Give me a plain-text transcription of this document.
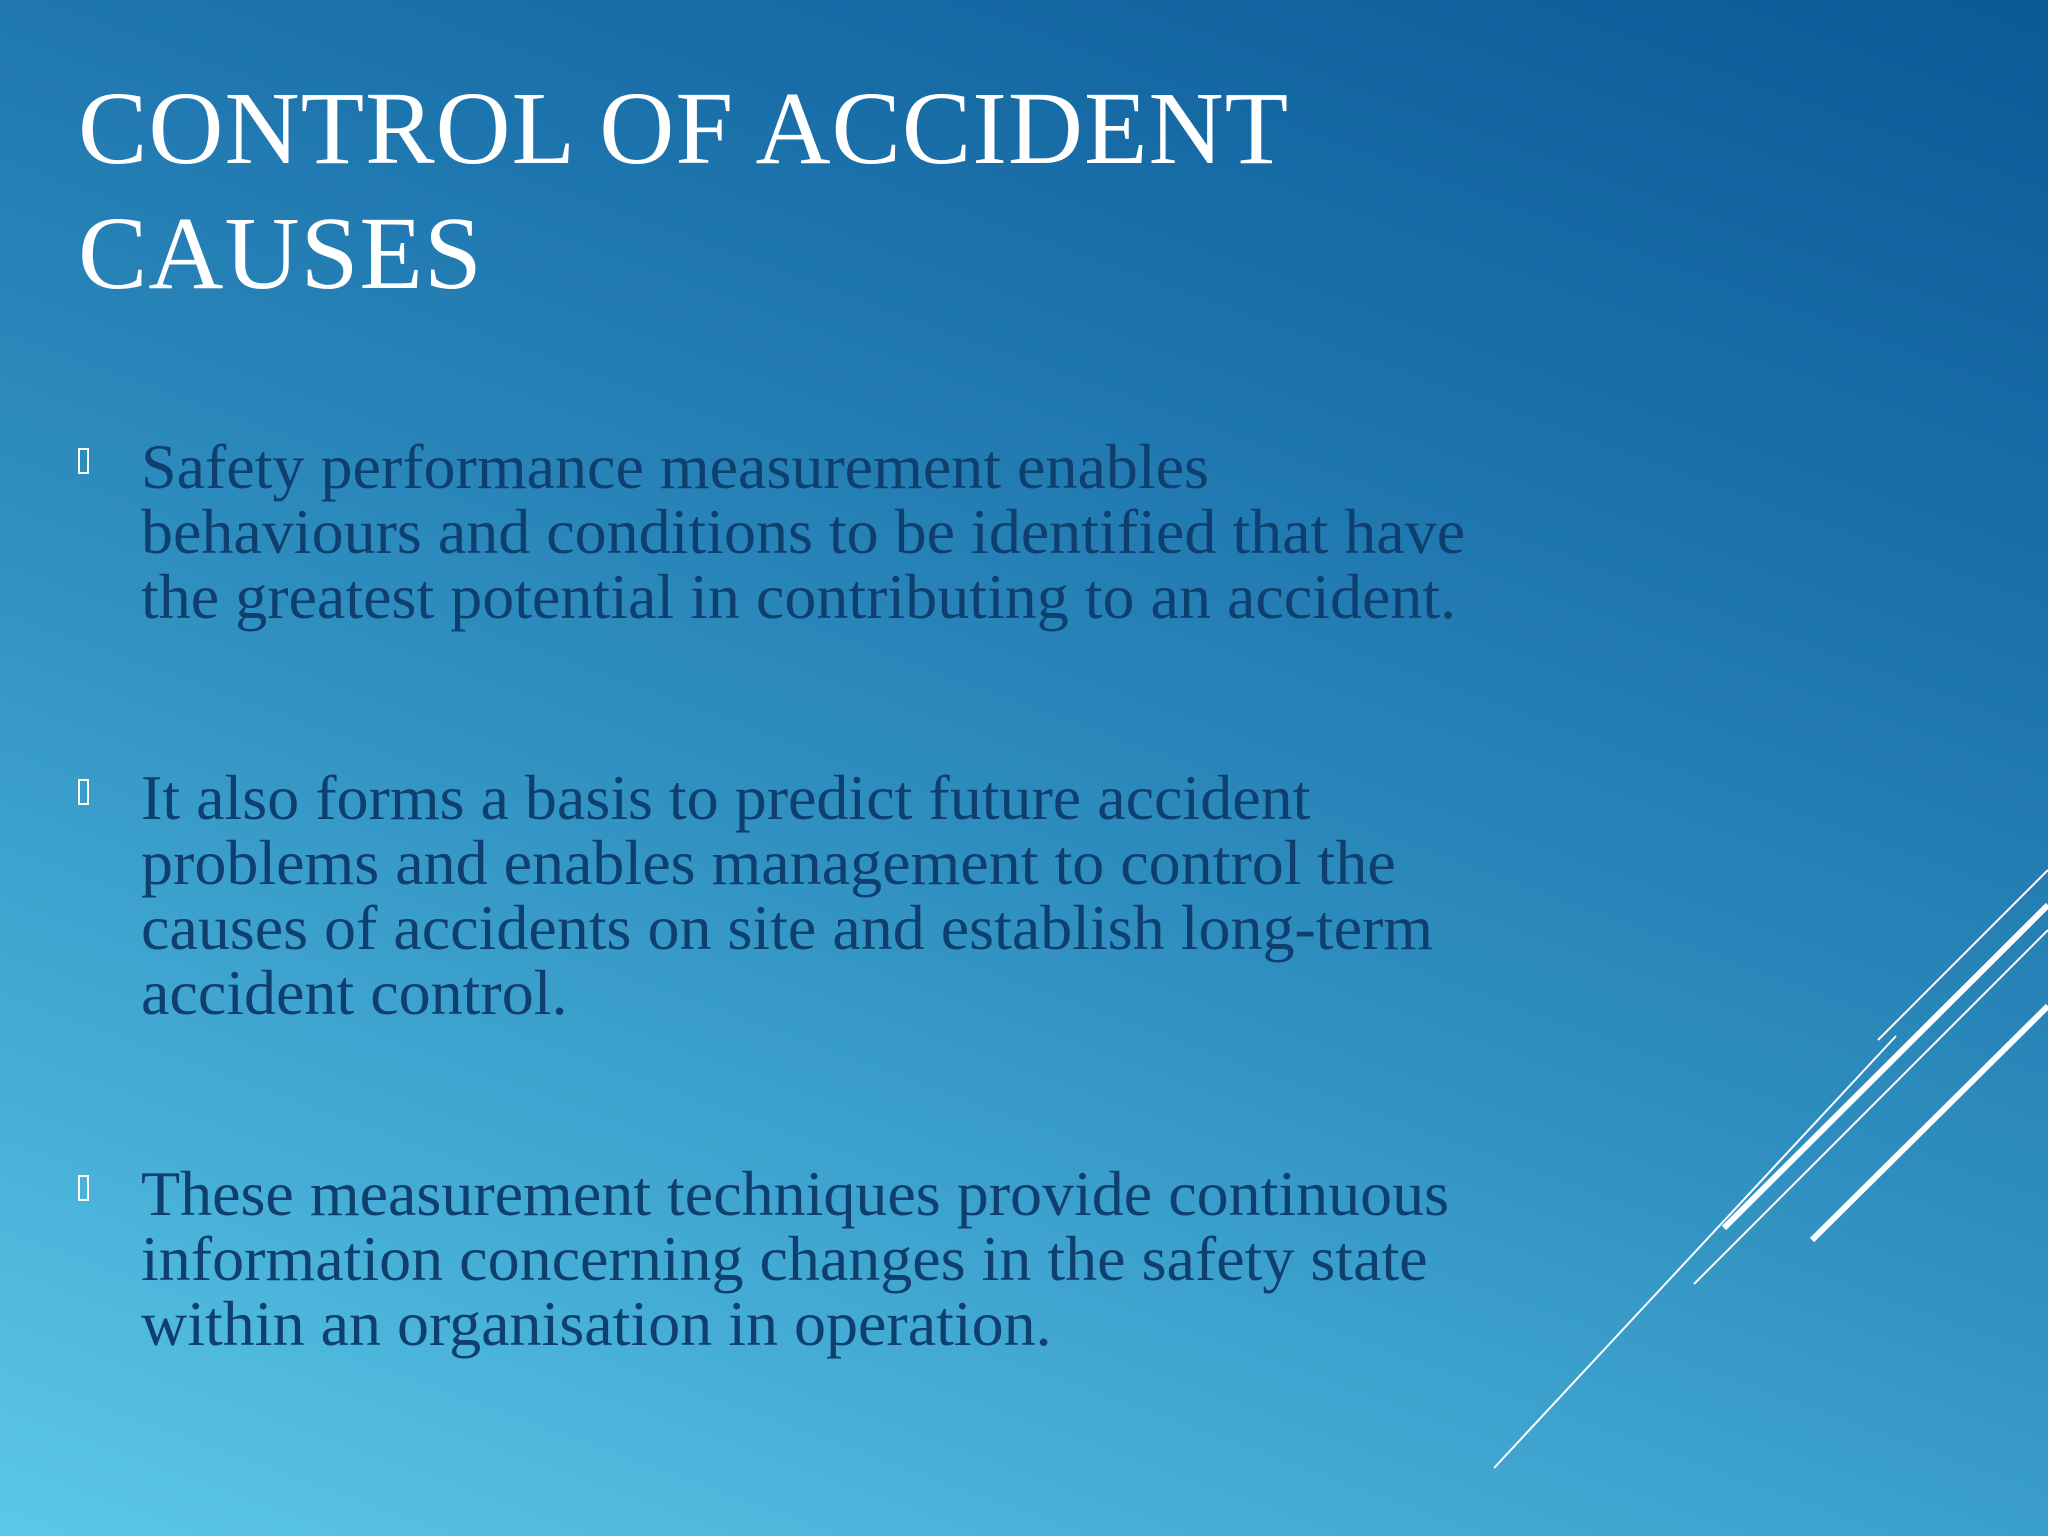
CONTROL OF ACCIDENT CAUSES
Safety performance measurement enables behaviours and conditions to be identified that have the greatest potential in contributing to an accident.
It also forms a basis to predict future accident problems and enables management to control the causes of accidents on site and establish long-term accident control.
These measurement techniques provide continuous information concerning changes in the safety state within an organisation in operation.
